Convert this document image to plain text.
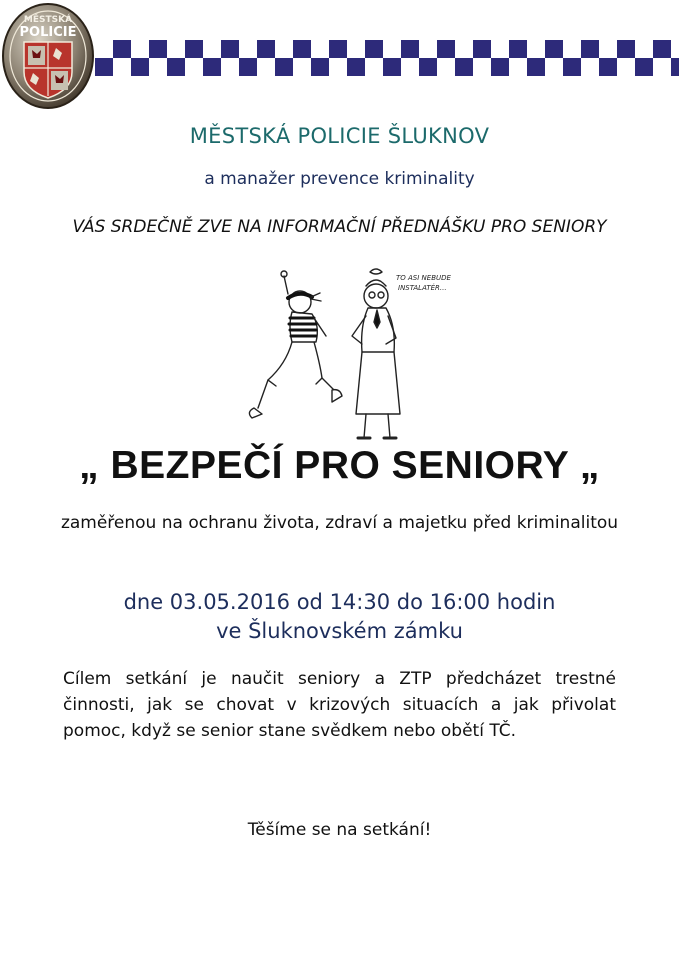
MĚSTSKÁ
POLICIE
MĚSTSKÁ POLICIE ŠLUKNOV
a manažer prevence kriminality
VÁS SRDEČNĚ ZVE NA INFORMAČNÍ PŘEDNÁŠKU PRO SENIORY
TO ASI NEBUDE
INSTALATÉR...
„ BEZPEČÍ PRO SENIORY „
zaměřenou na ochranu života, zdraví a majetku před kriminalitou
dne 03.05.2016 od 14:30 do 16:00 hodin
ve Šluknovském zámku
Cílem setkání je naučit seniory a ZTP předcházet trestné činnosti, jak se chovat v krizových situacích a jak přivolat pomoc, když se senior stane svědkem nebo obětí TČ.
Těšíme se na setkání!
